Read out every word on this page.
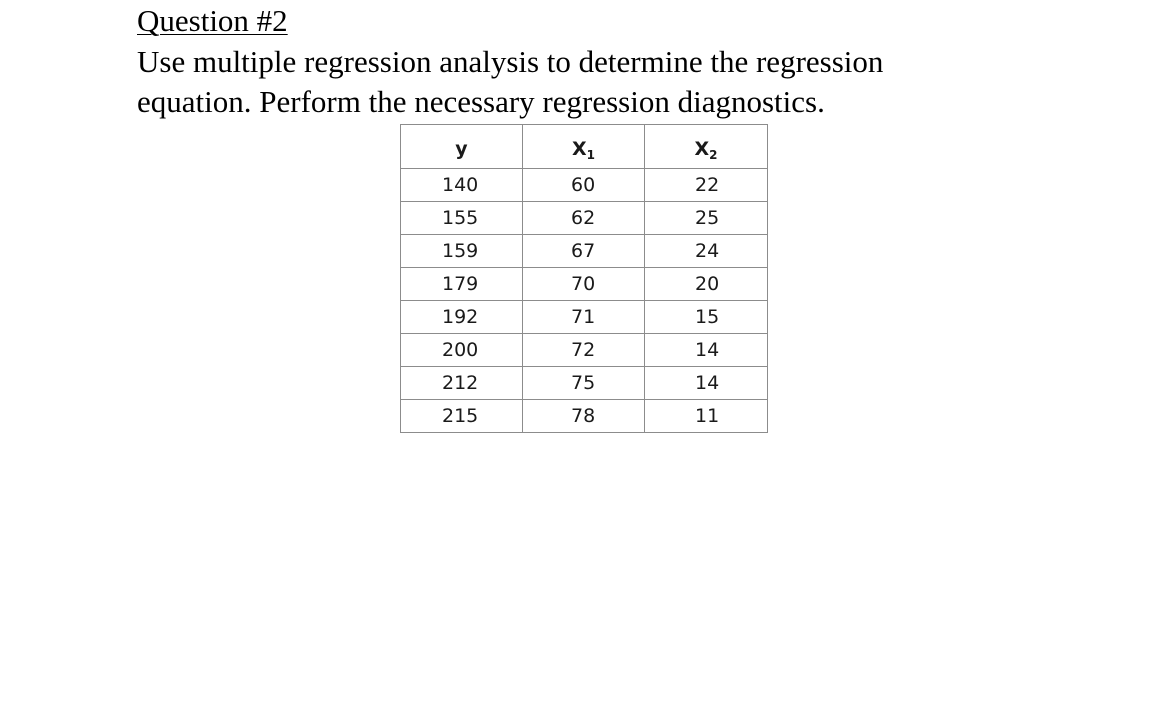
Question #2

Use multiple regression analysis to determine the regression
equation. Perform the necessary regression diagnostics.

y	$X_1$	$X_2$
140	60	22
155	62	25
159	67	24
179	70	20
192	71	15
200	72	14
212	75	14
215	78	11
